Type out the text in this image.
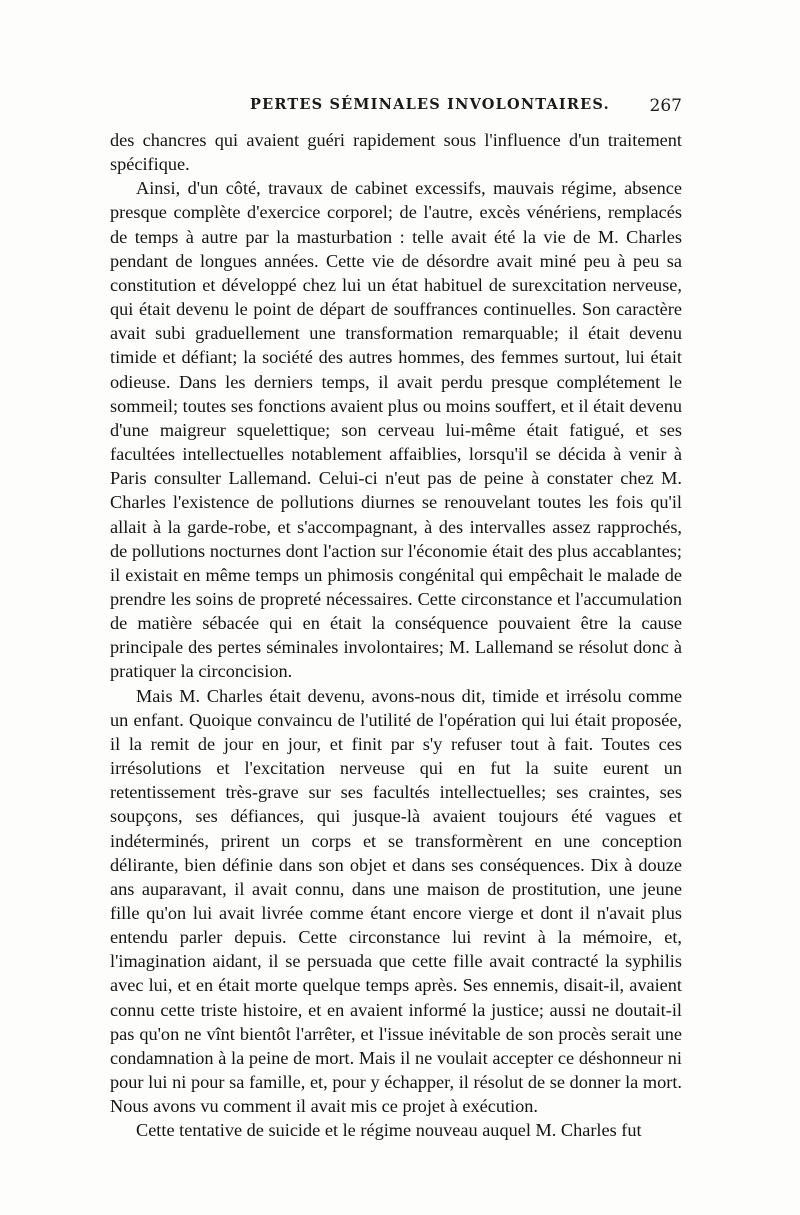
PERTES SÉMINALES INVOLONTAIRES. 267

des chancres qui avaient guéri rapidement sous l'influence d'un traitement spécifique.

Ainsi, d'un côté, travaux de cabinet excessifs, mauvais régime, absence presque complète d'exercice corporel; de l'autre, excès vénériens, remplacés de temps à autre par la masturbation : telle avait été la vie de M. Charles pendant de longues années. Cette vie de désordre avait miné peu à peu sa constitution et développé chez lui un état habituel de surexcitation nerveuse, qui était devenu le point de départ de souffrances continuelles. Son caractère avait subi graduellement une transformation remarquable; il était devenu timide et défiant; la société des autres hommes, des femmes surtout, lui était odieuse. Dans les derniers temps, il avait perdu presque complétement le sommeil; toutes ses fonctions avaient plus ou moins souffert, et il était devenu d'une maigreur squelettique; son cerveau lui-même était fatigué, et ses facultées intellectuelles notablement affaiblies, lorsqu'il se décida à venir à Paris consulter Lallemand. Celui-ci n'eut pas de peine à constater chez M. Charles l'existence de pollutions diurnes se renouvelant toutes les fois qu'il allait à la garde-robe, et s'accompagnant, à des intervalles assez rapprochés, de pollutions nocturnes dont l'action sur l'économie était des plus accablantes; il existait en même temps un phimosis congénital qui empêchait le malade de prendre les soins de propreté nécessaires. Cette circonstance et l'accumulation de matière sébacée qui en était la conséquence pouvaient être la cause principale des pertes séminales involontaires; M. Lallemand se résolut donc à pratiquer la circoncision.

Mais M. Charles était devenu, avons-nous dit, timide et irrésolu comme un enfant. Quoique convaincu de l'utilité de l'opération qui lui était proposée, il la remit de jour en jour, et finit par s'y refuser tout à fait. Toutes ces irrésolutions et l'excitation nerveuse qui en fut la suite eurent un retentissement très-grave sur ses facultés intellectuelles; ses craintes, ses soupçons, ses défiances, qui jusque-là avaient toujours été vagues et indéterminés, prirent un corps et se transformèrent en une conception délirante, bien définie dans son objet et dans ses conséquences. Dix à douze ans auparavant, il avait connu, dans une maison de prostitution, une jeune fille qu'on lui avait livrée comme étant encore vierge et dont il n'avait plus entendu parler depuis. Cette circonstance lui revint à la mémoire, et, l'imagination aidant, il se persuada que cette fille avait contracté la syphilis avec lui, et en était morte quelque temps après. Ses ennemis, disait-il, avaient connu cette triste histoire, et en avaient informé la justice; aussi ne doutait-il pas qu'on ne vînt bientôt l'arrêter, et l'issue inévitable de son procès serait une condamnation à la peine de mort. Mais il ne voulait accepter ce déshonneur ni pour lui ni pour sa famille, et, pour y échapper, il résolut de se donner la mort. Nous avons vu comment il avait mis ce projet à exécution.

Cette tentative de suicide et le régime nouveau auquel M. Charles fut
